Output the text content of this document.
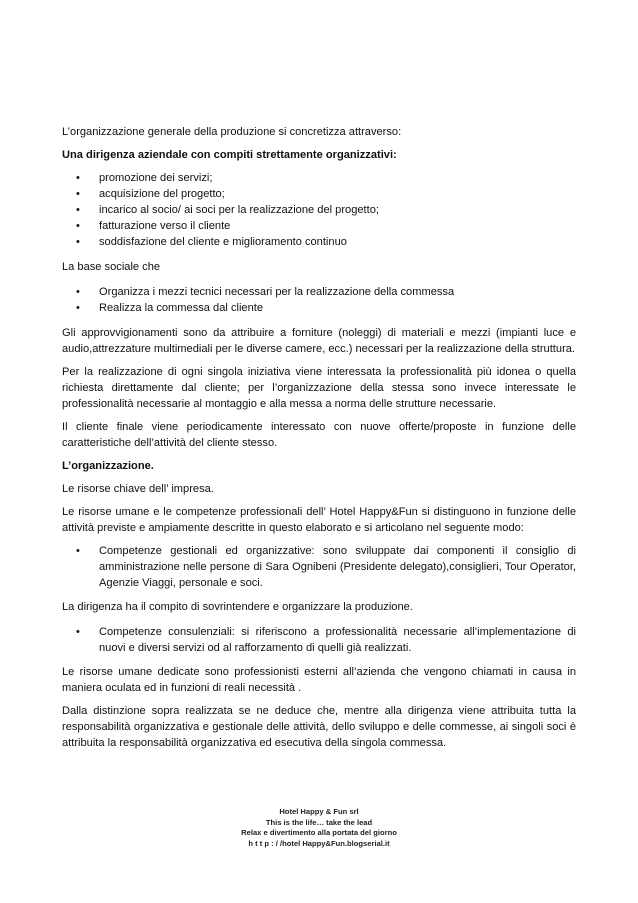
L’organizzazione generale della produzione si concretizza attraverso:

Una dirigenza aziendale con compiti strettamente organizzativi:

• promozione dei servizi;
• acquisizione del progetto;
• incarico al socio/ ai soci per la realizzazione del progetto;
• fatturazione verso il cliente
• soddisfazione del cliente e miglioramento continuo

La base sociale che

• Organizza i mezzi tecnici necessari per la realizzazione della commessa
• Realizza la commessa dal cliente

Gli approvvigionamenti sono da attribuire a forniture (noleggi) di materiali e mezzi (impianti luce e audio,attrezzature multimediali per le diverse camere, ecc.) necessari per la realizzazione della struttura.

Per la realizzazione di ogni singola iniziativa viene interessata la professionalità più idonea o quella richiesta direttamente dal cliente; per l’organizzazione della stessa sono invece interessate le professionalità necessarie al montaggio e alla messa a norma delle strutture necessarie.

Il cliente finale viene periodicamente interessato con nuove offerte/proposte in funzione delle caratteristiche dell’attività del cliente stesso.

L’organizzazione.

Le risorse chiave dell’ impresa.

Le risorse umane e le competenze professionali dell’ Hotel Happy&Fun si distinguono in funzione delle attività previste e ampiamente descritte in questo elaborato e si articolano nel seguente modo:

• Competenze gestionali ed organizzative: sono sviluppate dai componenti il consiglio di amministrazione nelle persone di Sara Ognibeni (Presidente delegato),consiglieri, Tour Operator, Agenzie Viaggi, personale e soci.

La dirigenza ha il compito di sovrintendere e organizzare la produzione.

• Competenze consulenziali: si riferiscono a professionalità necessarie all’implementazione di nuovi e diversi servizi od al rafforzamento di quelli già realizzati.

Le risorse umane dedicate sono professionisti esterni all’azienda che vengono chiamati in causa in maniera oculata ed in funzioni di reali necessità .

Dalla distinzione sopra realizzata se ne deduce che, mentre alla dirigenza viene attribuita tutta la responsabilità organizzativa e gestionale delle attività, dello sviluppo e delle commesse, ai singoli soci è attribuita la responsabilità organizzativa ed esecutiva della singola commessa.

Hotel Happy & Fun srl
This is the life… take the lead
Relax e divertimento alla portata del giorno
h t t p : / /hotel Happy&Fun.blogserial.it
